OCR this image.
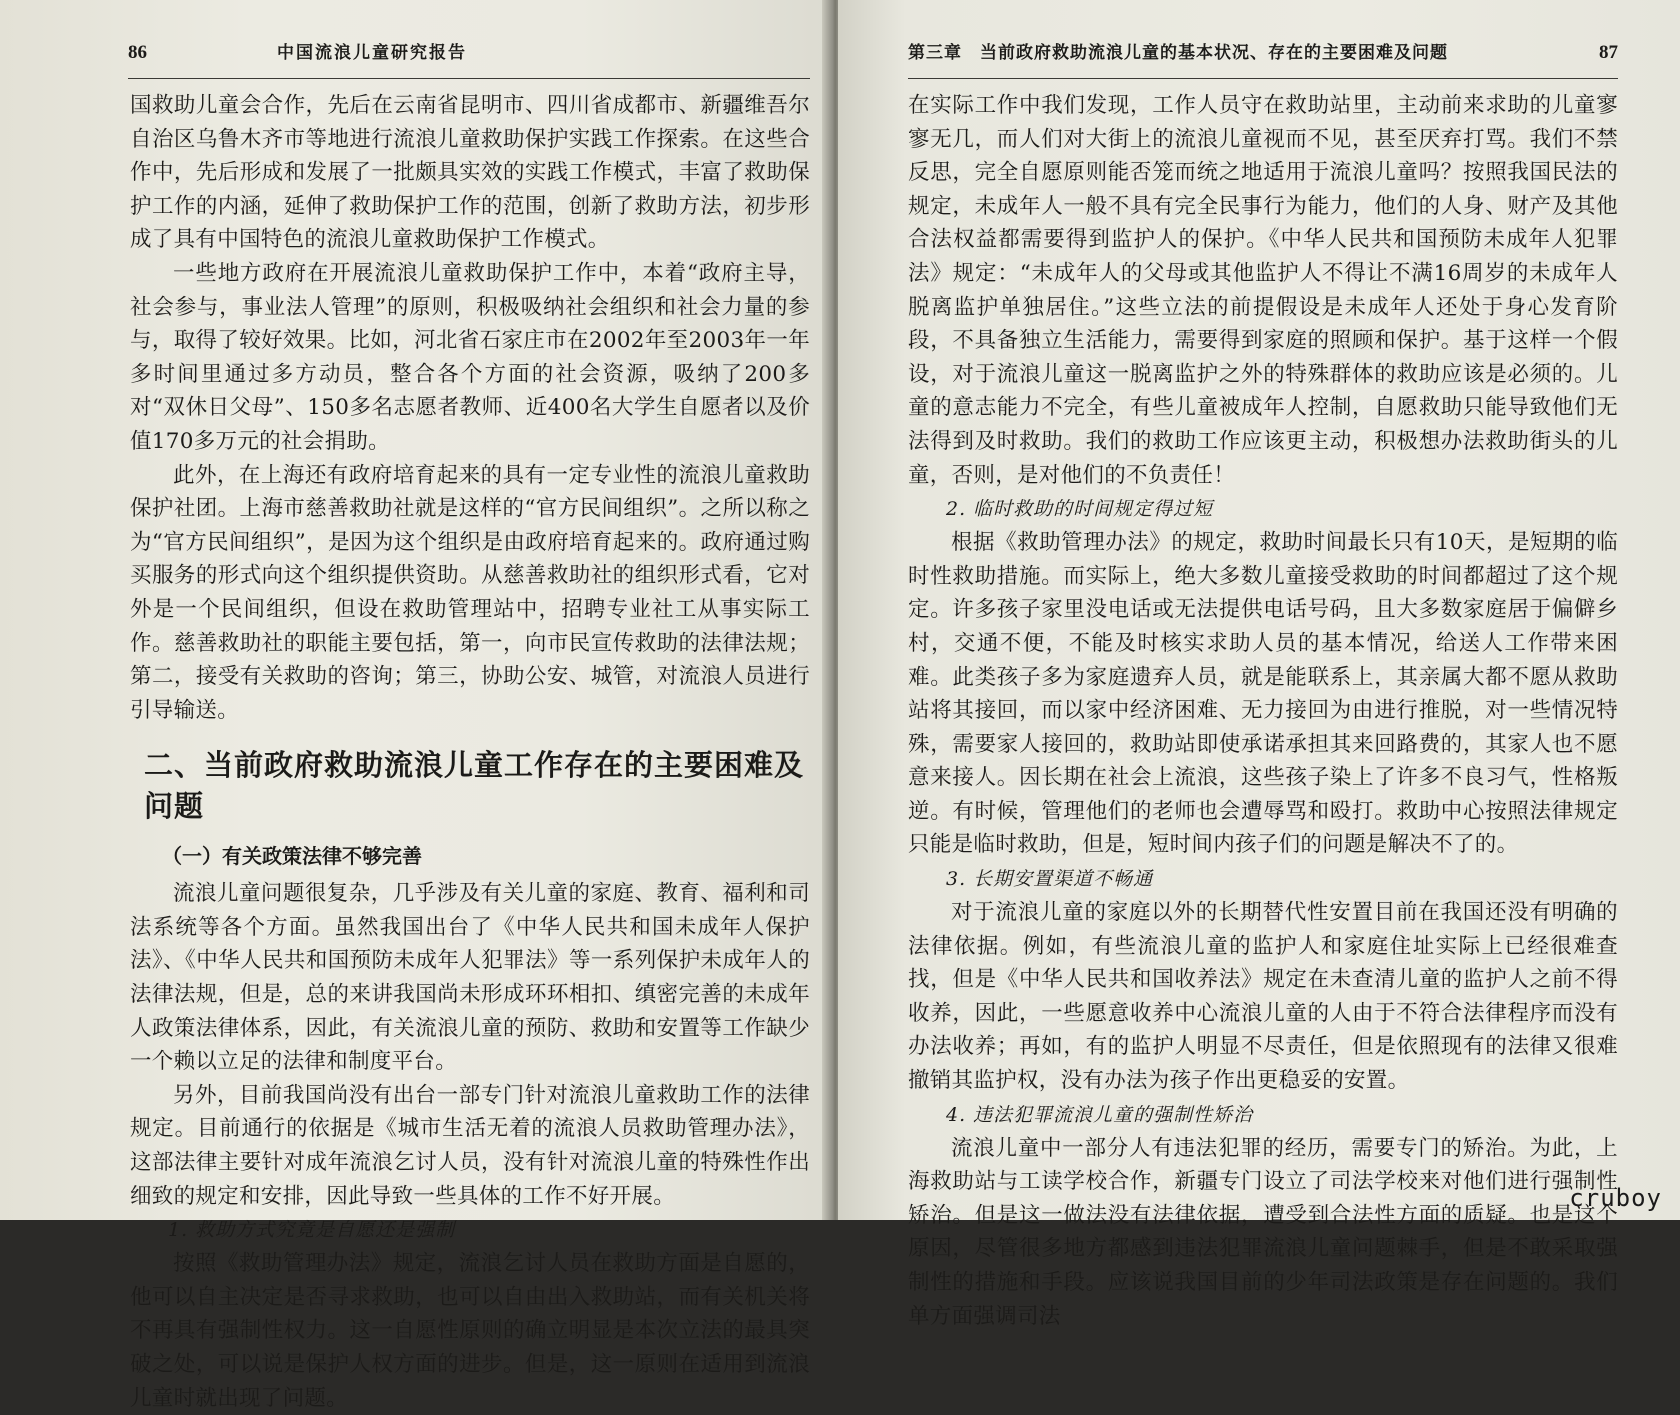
86	中国流浪儿童研究报告

国救助儿童会合作，先后在云南省昆明市、四川省成都市、新疆维吾尔自治区乌鲁木齐市等地进行流浪儿童救助保护实践工作探索。在这些合作中，先后形成和发展了一批颇具实效的实践工作模式，丰富了救助保护工作的内涵，延伸了救助保护工作的范围，创新了救助方法，初步形成了具有中国特色的流浪儿童救助保护工作模式。

一些地方政府在开展流浪儿童救助保护工作中，本着“政府主导，社会参与，事业法人管理”的原则，积极吸纳社会组织和社会力量的参与，取得了较好效果。比如，河北省石家庄市在2002年至2003年一年多时间里通过多方动员，整合各个方面的社会资源，吸纳了200多对“双休日父母”、150多名志愿者教师、近400名大学生自愿者以及价值170多万元的社会捐助。

此外，在上海还有政府培育起来的具有一定专业性的流浪儿童救助保护社团。上海市慈善救助社就是这样的“官方民间组织”。之所以称之为“官方民间组织”，是因为这个组织是由政府培育起来的。政府通过购买服务的形式向这个组织提供资助。从慈善救助社的组织形式看，它对外是一个民间组织，但设在救助管理站中，招聘专业社工从事实际工作。慈善救助社的职能主要包括，第一，向市民宣传救助的法律法规；第二，接受有关救助的咨询；第三，协助公安、城管，对流浪人员进行引导输送。

二、当前政府救助流浪儿童工作存在的主要困难及问题
（一）有关政策法律不够完善

流浪儿童问题很复杂，几乎涉及有关儿童的家庭、教育、福利和司法系统等各个方面。虽然我国出台了《中华人民共和国未成年人保护法》、《中华人民共和国预防未成年人犯罪法》等一系列保护未成年人的法律法规，但是，总的来讲我国尚未形成环环相扣、缜密完善的未成年人政策法律体系，因此，有关流浪儿童的预防、救助和安置等工作缺少一个赖以立足的法律和制度平台。

另外，目前我国尚没有出台一部专门针对流浪儿童救助工作的法律规定。目前通行的依据是《城市生活无着的流浪人员救助管理办法》，这部法律主要针对成年流浪乞讨人员，没有针对流浪儿童的特殊性作出细致的规定和安排，因此导致一些具体的工作不好开展。

1. 救助方式究竟是自愿还是强制

按照《救助管理办法》规定，流浪乞讨人员在救助方面是自愿的，他可以自主决定是否寻求救助，也可以自由出入救助站，而有关机关将不再具有强制性权力。这一自愿性原则的确立明显是本次立法的最具突破之处，可以说是保护人权方面的进步。但是，这一原则在适用到流浪儿童时就出现了问题。

第三章　当前政府救助流浪儿童的基本状况、存在的主要困难及问题	87

在实际工作中我们发现，工作人员守在救助站里，主动前来求助的儿童寥寥无几，而人们对大街上的流浪儿童视而不见，甚至厌弃打骂。我们不禁反思，完全自愿原则能否笼而统之地适用于流浪儿童吗？按照我国民法的规定，未成年人一般不具有完全民事行为能力，他们的人身、财产及其他合法权益都需要得到监护人的保护。《中华人民共和国预防未成年人犯罪法》规定：“未成年人的父母或其他监护人不得让不满16周岁的未成年人脱离监护单独居住。”这些立法的前提假设是未成年人还处于身心发育阶段，不具备独立生活能力，需要得到家庭的照顾和保护。基于这样一个假设，对于流浪儿童这一脱离监护之外的特殊群体的救助应该是必须的。儿童的意志能力不完全，有些儿童被成年人控制，自愿救助只能导致他们无法得到及时救助。我们的救助工作应该更主动，积极想办法救助街头的儿童，否则，是对他们的不负责任！

2. 临时救助的时间规定得过短

根据《救助管理办法》的规定，救助时间最长只有10天，是短期的临时性救助措施。而实际上，绝大多数儿童接受救助的时间都超过了这个规定。许多孩子家里没电话或无法提供电话号码，且大多数家庭居于偏僻乡村，交通不便，不能及时核实求助人员的基本情况，给送人工作带来困难。此类孩子多为家庭遗弃人员，就是能联系上，其亲属大都不愿从救助站将其接回，而以家中经济困难、无力接回为由进行推脱，对一些情况特殊，需要家人接回的，救助站即使承诺承担其来回路费的，其家人也不愿意来接人。因长期在社会上流浪，这些孩子染上了许多不良习气，性格叛逆。有时候，管理他们的老师也会遭辱骂和殴打。救助中心按照法律规定只能是临时救助，但是，短时间内孩子们的问题是解决不了的。

3. 长期安置渠道不畅通

对于流浪儿童的家庭以外的长期替代性安置目前在我国还没有明确的法律依据。例如，有些流浪儿童的监护人和家庭住址实际上已经很难查找，但是《中华人民共和国收养法》规定在未查清儿童的监护人之前不得收养，因此，一些愿意收养中心流浪儿童的人由于不符合法律程序而没有办法收养；再如，有的监护人明显不尽责任，但是依照现有的法律又很难撤销其监护权，没有办法为孩子作出更稳妥的安置。

4. 违法犯罪流浪儿童的强制性矫治

流浪儿童中一部分人有违法犯罪的经历，需要专门的矫治。为此，上海救助站与工读学校合作，新疆专门设立了司法学校来对他们进行强制性矫治。但是这一做法没有法律依据，遭受到合法性方面的质疑。也是这个原因，尽管很多地方都感到违法犯罪流浪儿童问题棘手，但是不敢采取强制性的措施和手段。应该说我国目前的少年司法政策是存在问题的。我们单方面强调司法

cruboy
